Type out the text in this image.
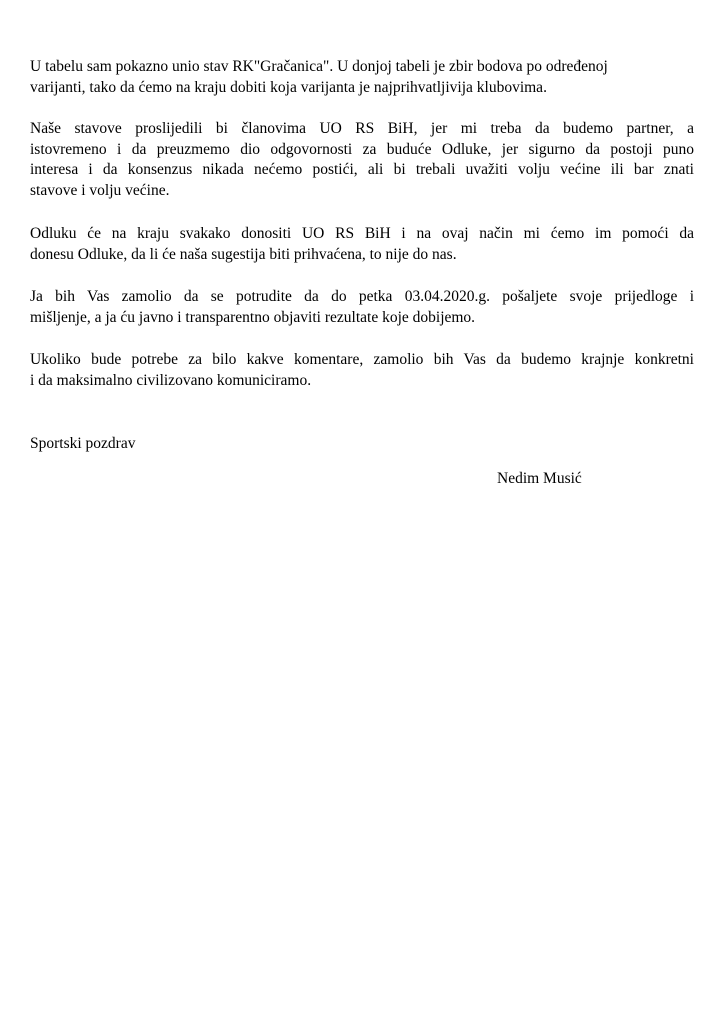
U tabelu sam pokazno unio stav RK"Gračanica". U donjoj tabeli je zbir bodova po određenoj
varijanti, tako da ćemo na kraju dobiti koja varijanta je najprihvatljivija klubovima.

Naše stavove proslijedili bi članovima UO RS BiH, jer mi treba da budemo partner, a
istovremeno i da preuzmemo dio odgovornosti za buduće Odluke, jer sigurno da postoji puno
interesa i da konsenzus nikada nećemo postići, ali bi trebali uvažiti volju većine ili bar znati
stavove i volju većine.

Odluku će na kraju svakako donositi UO RS BiH i na ovaj način mi ćemo im pomoći da
donesu Odluke, da li će naša sugestija biti prihvaćena, to nije do nas.

Ja bih Vas zamolio da se potrudite da do petka 03.04.2020.g. pošaljete svoje prijedloge i
mišljenje, a ja ću javno i transparentno objaviti rezultate koje dobijemo.

Ukoliko bude potrebe za bilo kakve komentare, zamolio bih Vas da budemo krajnje konkretni
i da maksimalno civilizovano komuniciramo.

Sportski pozdrav

Nedim Musić
